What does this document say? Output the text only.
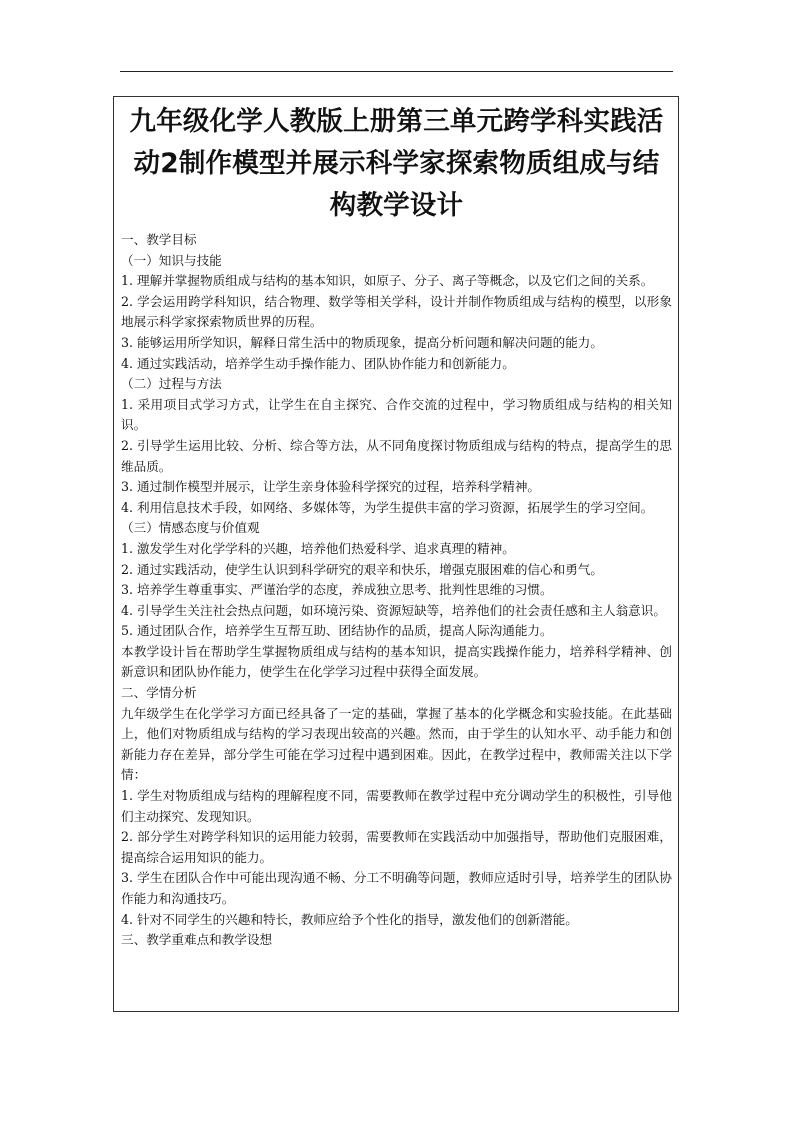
九年级化学人教版上册第三单元跨学科实践活动2制作模型并展示科学家探索物质组成与结构教学设计

一、教学目标

（一）知识与技能

1. 理解并掌握物质组成与结构的基本知识，如原子、分子、离子等概念，以及它们之间的关系。

2. 学会运用跨学科知识，结合物理、数学等相关学科，设计并制作物质组成与结构的模型，以形象地展示科学家探索物质世界的历程。

3. 能够运用所学知识，解释日常生活中的物质现象，提高分析问题和解决问题的能力。

4. 通过实践活动，培养学生动手操作能力、团队协作能力和创新能力。

（二）过程与方法

1. 采用项目式学习方式，让学生在自主探究、合作交流的过程中，学习物质组成与结构的相关知识。

2. 引导学生运用比较、分析、综合等方法，从不同角度探讨物质组成与结构的特点，提高学生的思维品质。

3. 通过制作模型并展示，让学生亲身体验科学探究的过程，培养科学精神。

4. 利用信息技术手段，如网络、多媒体等，为学生提供丰富的学习资源，拓展学生的学习空间。

（三）情感态度与价值观

1. 激发学生对化学学科的兴趣，培养他们热爱科学、追求真理的精神。

2. 通过实践活动，使学生认识到科学研究的艰辛和快乐，增强克服困难的信心和勇气。

3. 培养学生尊重事实、严谨治学的态度，养成独立思考、批判性思维的习惯。

4. 引导学生关注社会热点问题，如环境污染、资源短缺等，培养他们的社会责任感和主人翁意识。

5. 通过团队合作，培养学生互帮互助、团结协作的品质，提高人际沟通能力。

本教学设计旨在帮助学生掌握物质组成与结构的基本知识，提高实践操作能力，培养科学精神、创新意识和团队协作能力，使学生在化学学习过程中获得全面发展。

二、学情分析

九年级学生在化学学习方面已经具备了一定的基础，掌握了基本的化学概念和实验技能。在此基础上，他们对物质组成与结构的学习表现出较高的兴趣。然而，由于学生的认知水平、动手能力和创新能力存在差异，部分学生可能在学习过程中遇到困难。因此，在教学过程中，教师需关注以下学情：

1. 学生对物质组成与结构的理解程度不同，需要教师在教学过程中充分调动学生的积极性，引导他们主动探究、发现知识。

2. 部分学生对跨学科知识的运用能力较弱，需要教师在实践活动中加强指导，帮助他们克服困难，提高综合运用知识的能力。

3. 学生在团队合作中可能出现沟通不畅、分工不明确等问题，教师应适时引导，培养学生的团队协作能力和沟通技巧。

4. 针对不同学生的兴趣和特长，教师应给予个性化的指导，激发他们的创新潜能。

三、教学重难点和教学设想
